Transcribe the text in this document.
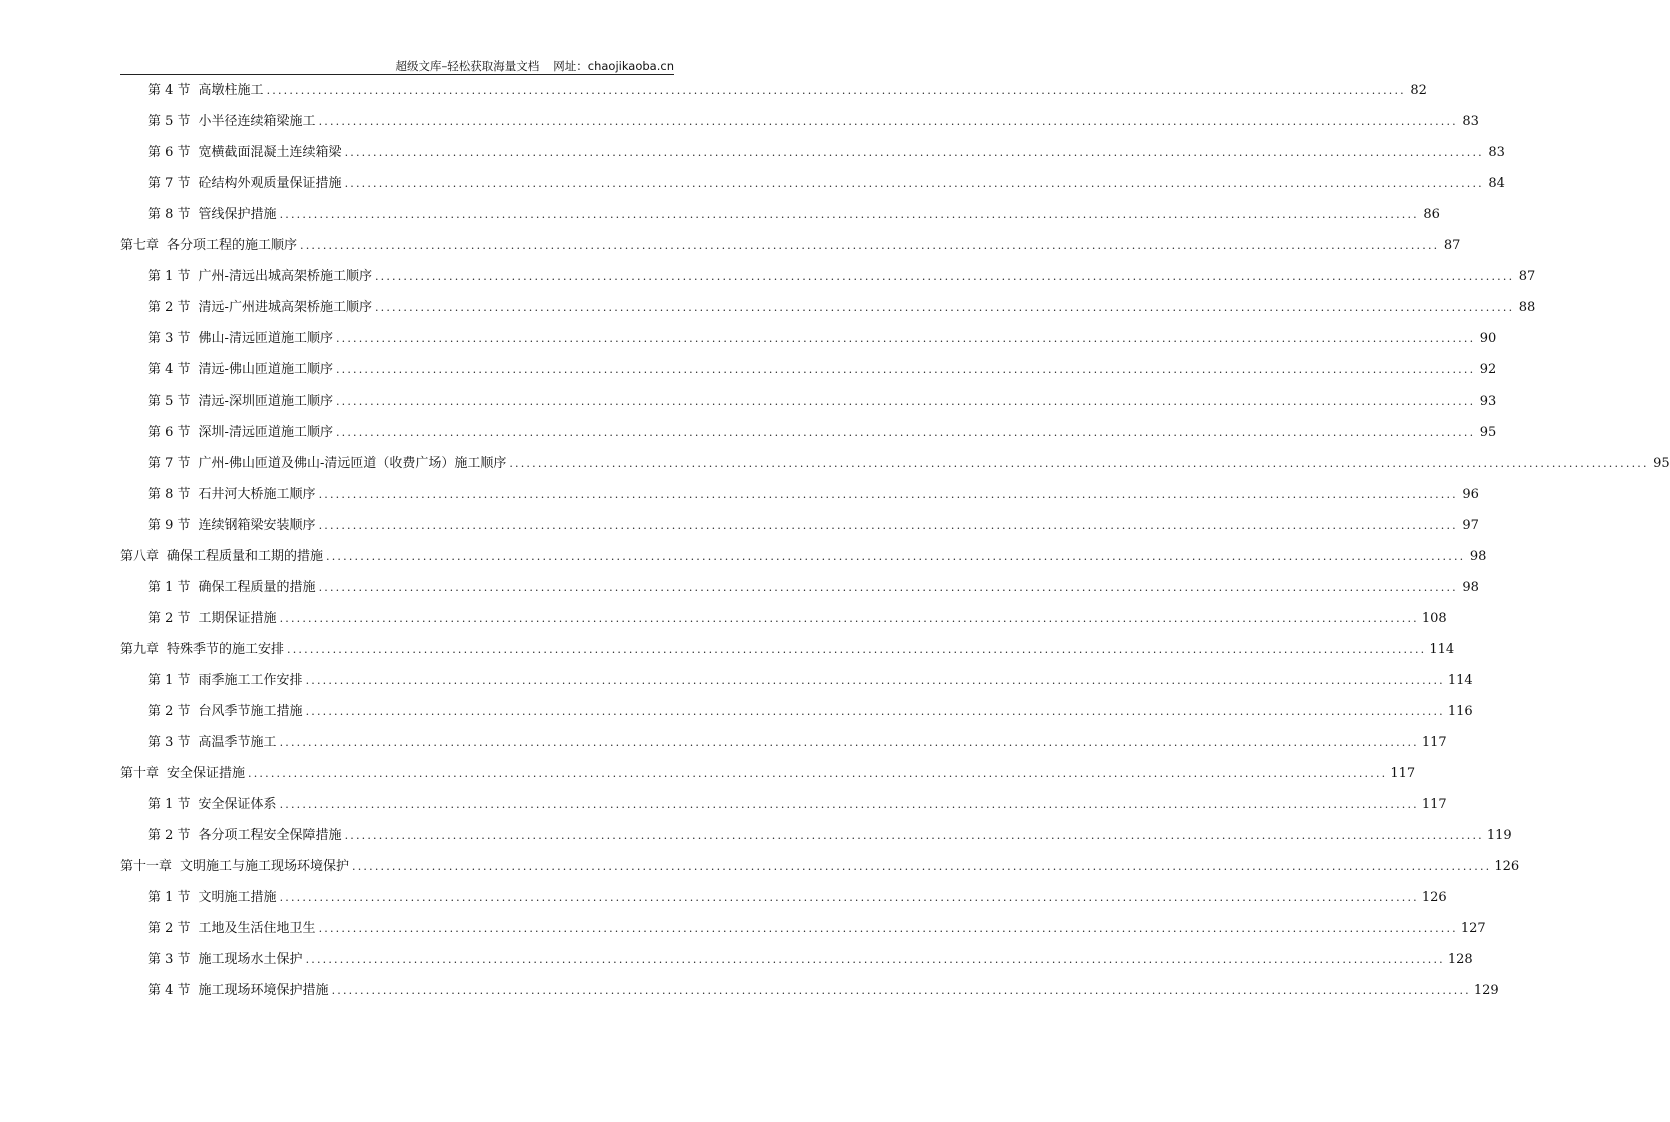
超级文库–轻松获取海量文档 网址：chaojikaoba.cn
第 4 节 高墩柱施工 ........................................................................................................................................................................................................ 82
第 5 节 小半径连续箱梁施工 ........................................................................................................................................................................................................ 83
第 6 节 宽横截面混凝土连续箱梁 ........................................................................................................................................................................................................ 83
第 7 节 砼结构外观质量保证措施 ........................................................................................................................................................................................................ 84
第 8 节 管线保护措施 ........................................................................................................................................................................................................ 86
第七章 各分项工程的施工顺序 ........................................................................................................................................................................................................ 87
第 1 节 广州-清远出城高架桥施工顺序 ........................................................................................................................................................................................................ 87
第 2 节 清远-广州进城高架桥施工顺序 ........................................................................................................................................................................................................ 88
第 3 节 佛山-清远匝道施工顺序 ........................................................................................................................................................................................................ 90
第 4 节 清远-佛山匝道施工顺序 ........................................................................................................................................................................................................ 92
第 5 节 清远-深圳匝道施工顺序 ........................................................................................................................................................................................................ 93
第 6 节 深圳-清远匝道施工顺序 ........................................................................................................................................................................................................ 95
第 7 节 广州-佛山匝道及佛山-清远匝道（收费广场）施工顺序 ........................................................................................................................................................................................................ 95
第 8 节 石井河大桥施工顺序 ........................................................................................................................................................................................................ 96
第 9 节 连续钢箱梁安装顺序 ........................................................................................................................................................................................................ 97
第八章 确保工程质量和工期的措施 ........................................................................................................................................................................................................ 98
第 1 节 确保工程质量的措施 ........................................................................................................................................................................................................ 98
第 2 节 工期保证措施 ........................................................................................................................................................................................................ 108
第九章 特殊季节的施工安排 ........................................................................................................................................................................................................ 114
第 1 节 雨季施工工作安排 ........................................................................................................................................................................................................ 114
第 2 节 台风季节施工措施 ........................................................................................................................................................................................................ 116
第 3 节 高温季节施工 ........................................................................................................................................................................................................ 117
第十章 安全保证措施 ........................................................................................................................................................................................................ 117
第 1 节 安全保证体系 ........................................................................................................................................................................................................ 117
第 2 节 各分项工程安全保障措施 ........................................................................................................................................................................................................ 119
第十一章 文明施工与施工现场环境保护 ........................................................................................................................................................................................................ 126
第 1 节 文明施工措施 ........................................................................................................................................................................................................ 126
第 2 节 工地及生活住地卫生 ........................................................................................................................................................................................................ 127
第 3 节 施工现场水土保护 ........................................................................................................................................................................................................ 128
第 4 节 施工现场环境保护措施 ........................................................................................................................................................................................................ 129
